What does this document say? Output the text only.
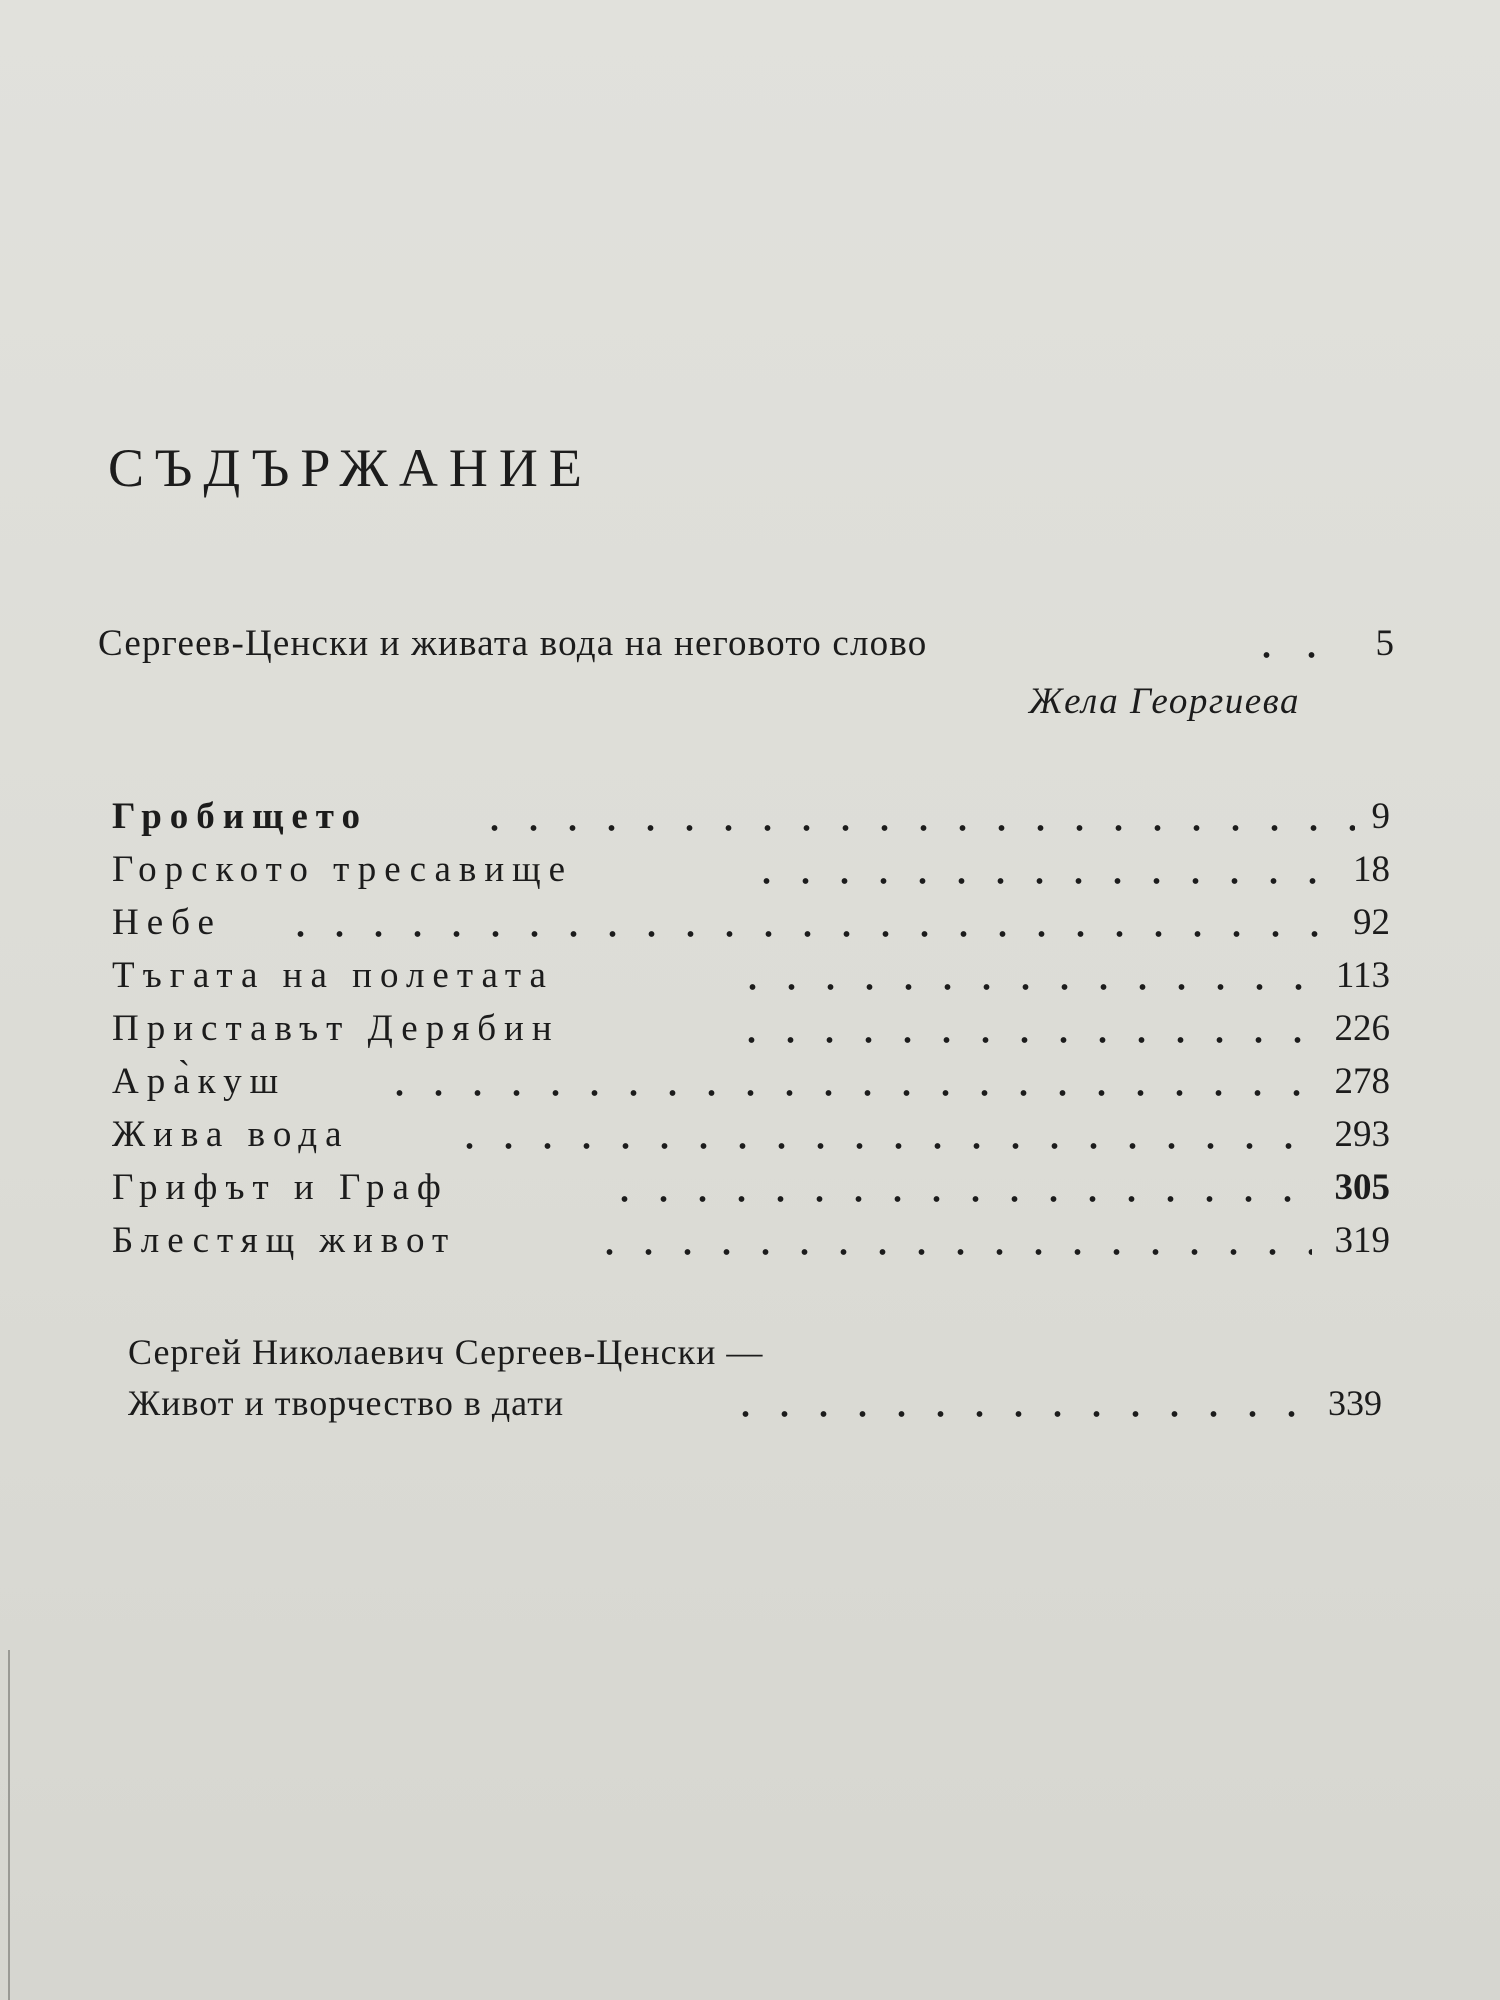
СЪДЪРЖАНИЕ
Сергеев-Ценски и живата вода на неговото слово	5
Жела Георгиева
Гробището	9
Горското тресавище	18
Небе	92
Тъгата на полетата	113
Приставът Дерябин	226
Ара̀куш	278
Жива вода	293
Грифът и Граф	305
Блестящ живот	319
Сергей Николаевич Сергеев-Ценски —
Живот и творчество в дати	339
